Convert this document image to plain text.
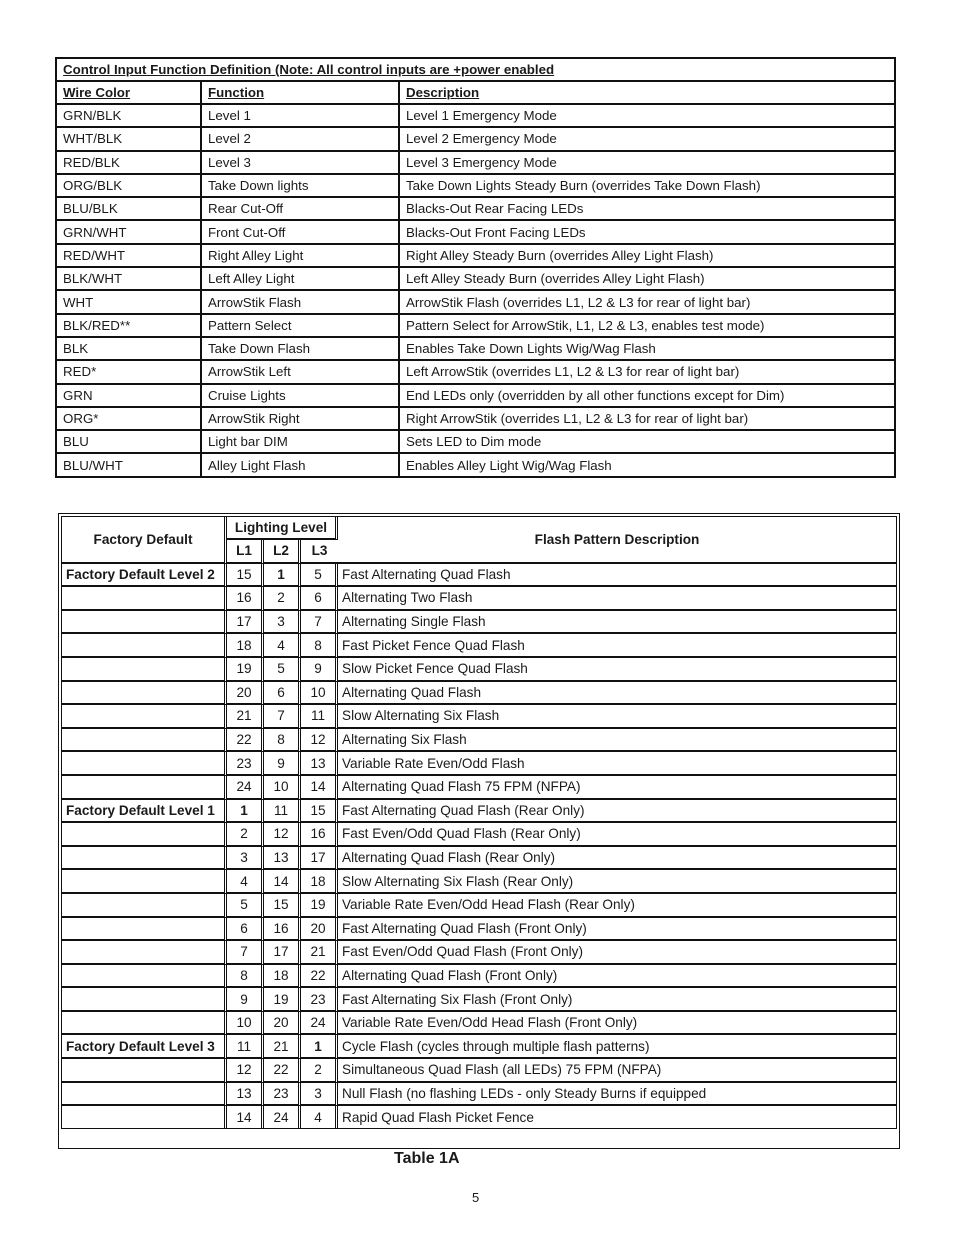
Control Input Function Definition (Note: All control inputs are +power enabled		
Wire Color	Function	Description
GRN/BLK	Level 1	Level 1 Emergency Mode
WHT/BLK	Level 2	Level 2 Emergency Mode
RED/BLK	Level 3	Level 3 Emergency Mode
ORG/BLK	Take Down lights	Take Down Lights Steady Burn (overrides Take Down Flash)
BLU/BLK	Rear Cut-Off	Blacks-Out Rear Facing LEDs
GRN/WHT	Front Cut-Off	Blacks-Out Front Facing LEDs
RED/WHT	Right Alley Light	Right Alley Steady Burn (overrides Alley Light Flash)
BLK/WHT	Left Alley Light	Left Alley Steady Burn (overrides Alley Light Flash)
WHT	ArrowStik Flash	ArrowStik Flash (overrides L1, L2 & L3 for rear of light bar)
BLK/RED**	Pattern Select	Pattern Select for ArrowStik, L1, L2 & L3, enables test mode)
BLK	Take Down Flash	Enables Take Down Lights Wig/Wag Flash
RED*	ArrowStik Left	Left ArrowStik (overrides L1, L2 & L3 for rear of light bar)
GRN	Cruise Lights	End LEDs only (overridden by all other functions except for Dim)
ORG*	ArrowStik Right	Right ArrowStik (overrides L1, L2 & L3 for rear of light bar)
BLU	Light bar DIM	Sets LED to Dim mode
BLU/WHT	Alley Light Flash	Enables Alley Light Wig/Wag Flash
Factory Default	Lighting Level			Flash Pattern Description
	L1	L2	L3	
Factory Default Level 2	15	1	5	Fast Alternating Quad Flash
	16	2	6	Alternating Two Flash
	17	3	7	Alternating Single Flash
	18	4	8	Fast Picket Fence Quad Flash
	19	5	9	Slow Picket Fence Quad Flash
	20	6	10	Alternating Quad Flash
	21	7	11	Slow Alternating Six Flash
	22	8	12	Alternating Six Flash
	23	9	13	Variable Rate Even/Odd Flash
	24	10	14	Alternating Quad Flash 75 FPM (NFPA)
Factory Default Level 1	1	11	15	Fast Alternating Quad Flash (Rear Only)
	2	12	16	Fast Even/Odd Quad Flash (Rear Only)
	3	13	17	Alternating Quad Flash (Rear Only)
	4	14	18	Slow Alternating Six Flash (Rear Only)
	5	15	19	Variable Rate Even/Odd Head Flash (Rear Only)
	6	16	20	Fast Alternating Quad Flash (Front Only)
	7	17	21	Fast Even/Odd Quad Flash (Front Only)
	8	18	22	Alternating Quad Flash (Front Only)
	9	19	23	Fast Alternating Six Flash (Front Only)
	10	20	24	Variable Rate Even/Odd Head Flash (Front Only)
Factory Default Level 3	11	21	1	Cycle Flash (cycles through multiple flash patterns)
	12	22	2	Simultaneous Quad Flash (all LEDs) 75 FPM (NFPA)
	13	23	3	Null Flash (no flashing LEDs - only Steady Burns if equipped
	14	24	4	Rapid Quad Flash Picket Fence
Table 1A
5
